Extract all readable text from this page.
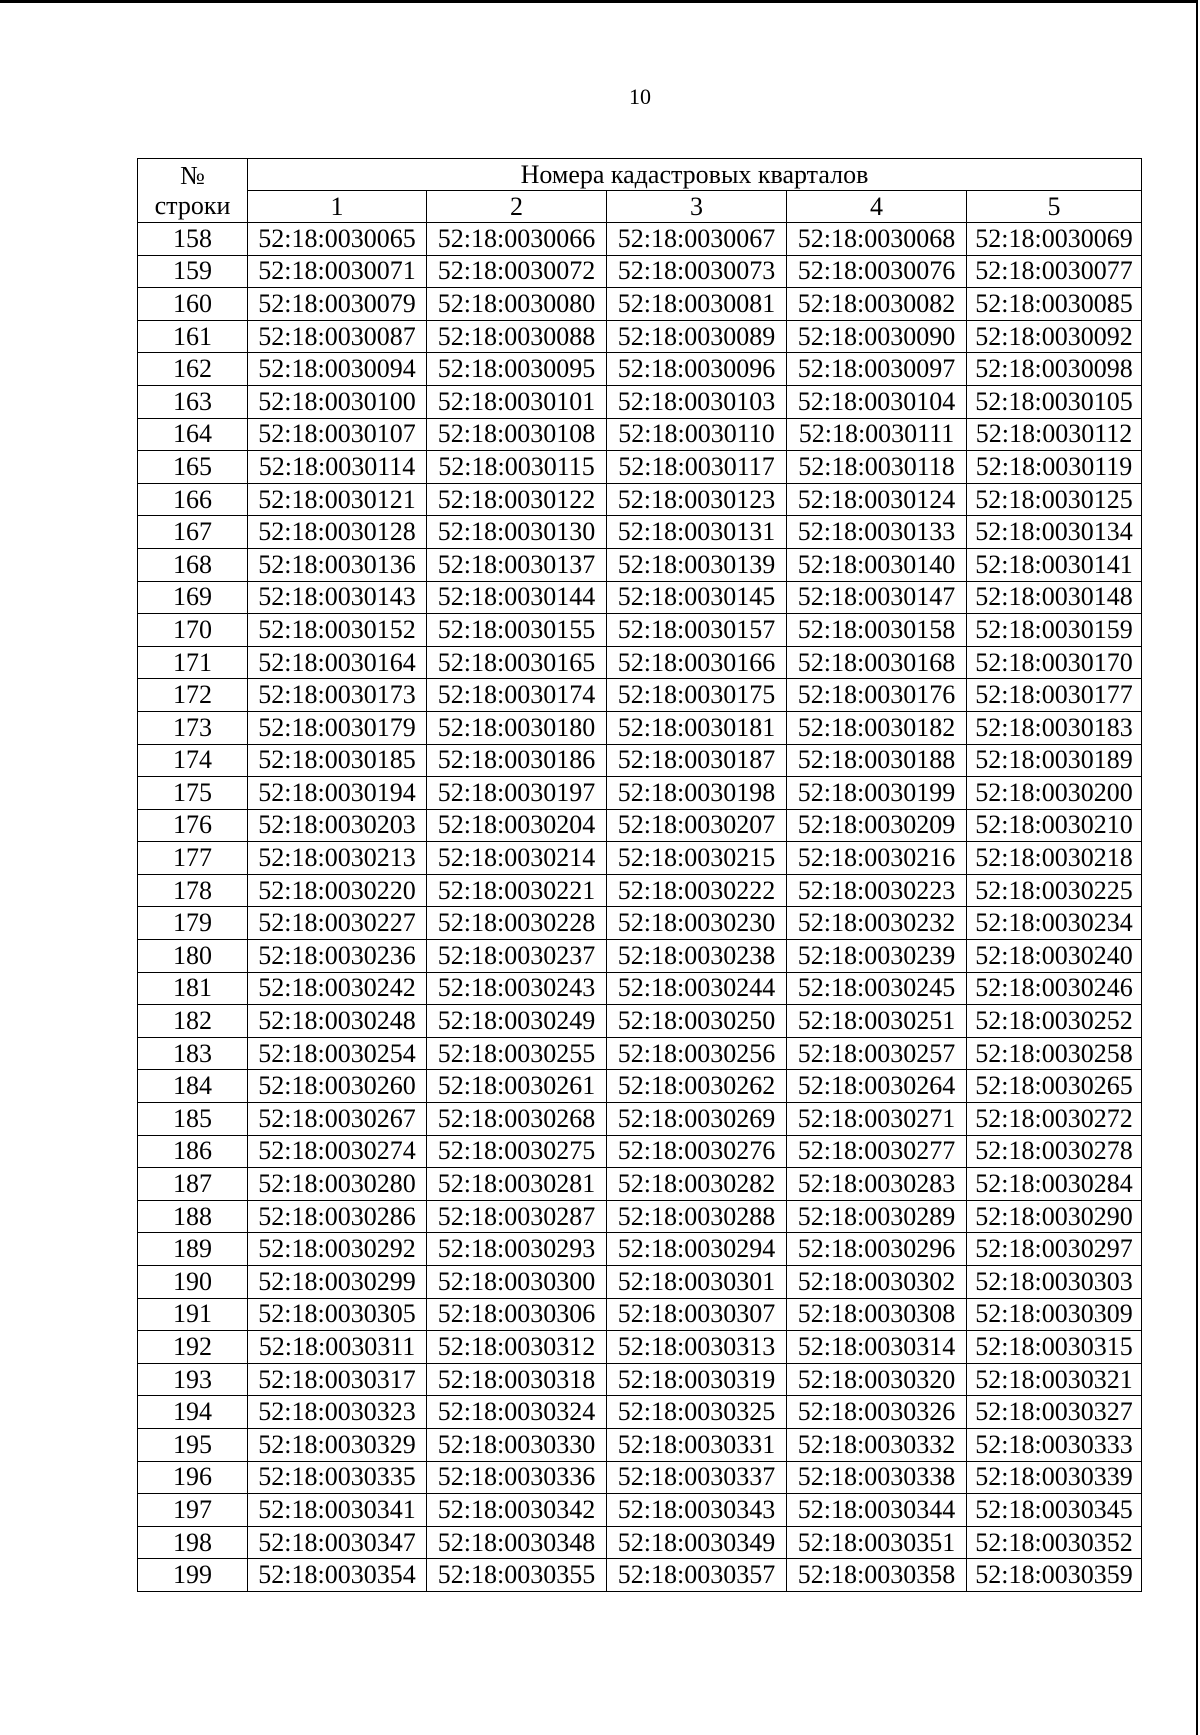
10
№
строки	Номера кадастровых кварталов				
	1	2	3	4	5
158	52:18:0030065	52:18:0030066	52:18:0030067	52:18:0030068	52:18:0030069
159	52:18:0030071	52:18:0030072	52:18:0030073	52:18:0030076	52:18:0030077
160	52:18:0030079	52:18:0030080	52:18:0030081	52:18:0030082	52:18:0030085
161	52:18:0030087	52:18:0030088	52:18:0030089	52:18:0030090	52:18:0030092
162	52:18:0030094	52:18:0030095	52:18:0030096	52:18:0030097	52:18:0030098
163	52:18:0030100	52:18:0030101	52:18:0030103	52:18:0030104	52:18:0030105
164	52:18:0030107	52:18:0030108	52:18:0030110	52:18:0030111	52:18:0030112
165	52:18:0030114	52:18:0030115	52:18:0030117	52:18:0030118	52:18:0030119
166	52:18:0030121	52:18:0030122	52:18:0030123	52:18:0030124	52:18:0030125
167	52:18:0030128	52:18:0030130	52:18:0030131	52:18:0030133	52:18:0030134
168	52:18:0030136	52:18:0030137	52:18:0030139	52:18:0030140	52:18:0030141
169	52:18:0030143	52:18:0030144	52:18:0030145	52:18:0030147	52:18:0030148
170	52:18:0030152	52:18:0030155	52:18:0030157	52:18:0030158	52:18:0030159
171	52:18:0030164	52:18:0030165	52:18:0030166	52:18:0030168	52:18:0030170
172	52:18:0030173	52:18:0030174	52:18:0030175	52:18:0030176	52:18:0030177
173	52:18:0030179	52:18:0030180	52:18:0030181	52:18:0030182	52:18:0030183
174	52:18:0030185	52:18:0030186	52:18:0030187	52:18:0030188	52:18:0030189
175	52:18:0030194	52:18:0030197	52:18:0030198	52:18:0030199	52:18:0030200
176	52:18:0030203	52:18:0030204	52:18:0030207	52:18:0030209	52:18:0030210
177	52:18:0030213	52:18:0030214	52:18:0030215	52:18:0030216	52:18:0030218
178	52:18:0030220	52:18:0030221	52:18:0030222	52:18:0030223	52:18:0030225
179	52:18:0030227	52:18:0030228	52:18:0030230	52:18:0030232	52:18:0030234
180	52:18:0030236	52:18:0030237	52:18:0030238	52:18:0030239	52:18:0030240
181	52:18:0030242	52:18:0030243	52:18:0030244	52:18:0030245	52:18:0030246
182	52:18:0030248	52:18:0030249	52:18:0030250	52:18:0030251	52:18:0030252
183	52:18:0030254	52:18:0030255	52:18:0030256	52:18:0030257	52:18:0030258
184	52:18:0030260	52:18:0030261	52:18:0030262	52:18:0030264	52:18:0030265
185	52:18:0030267	52:18:0030268	52:18:0030269	52:18:0030271	52:18:0030272
186	52:18:0030274	52:18:0030275	52:18:0030276	52:18:0030277	52:18:0030278
187	52:18:0030280	52:18:0030281	52:18:0030282	52:18:0030283	52:18:0030284
188	52:18:0030286	52:18:0030287	52:18:0030288	52:18:0030289	52:18:0030290
189	52:18:0030292	52:18:0030293	52:18:0030294	52:18:0030296	52:18:0030297
190	52:18:0030299	52:18:0030300	52:18:0030301	52:18:0030302	52:18:0030303
191	52:18:0030305	52:18:0030306	52:18:0030307	52:18:0030308	52:18:0030309
192	52:18:0030311	52:18:0030312	52:18:0030313	52:18:0030314	52:18:0030315
193	52:18:0030317	52:18:0030318	52:18:0030319	52:18:0030320	52:18:0030321
194	52:18:0030323	52:18:0030324	52:18:0030325	52:18:0030326	52:18:0030327
195	52:18:0030329	52:18:0030330	52:18:0030331	52:18:0030332	52:18:0030333
196	52:18:0030335	52:18:0030336	52:18:0030337	52:18:0030338	52:18:0030339
197	52:18:0030341	52:18:0030342	52:18:0030343	52:18:0030344	52:18:0030345
198	52:18:0030347	52:18:0030348	52:18:0030349	52:18:0030351	52:18:0030352
199	52:18:0030354	52:18:0030355	52:18:0030357	52:18:0030358	52:18:0030359
